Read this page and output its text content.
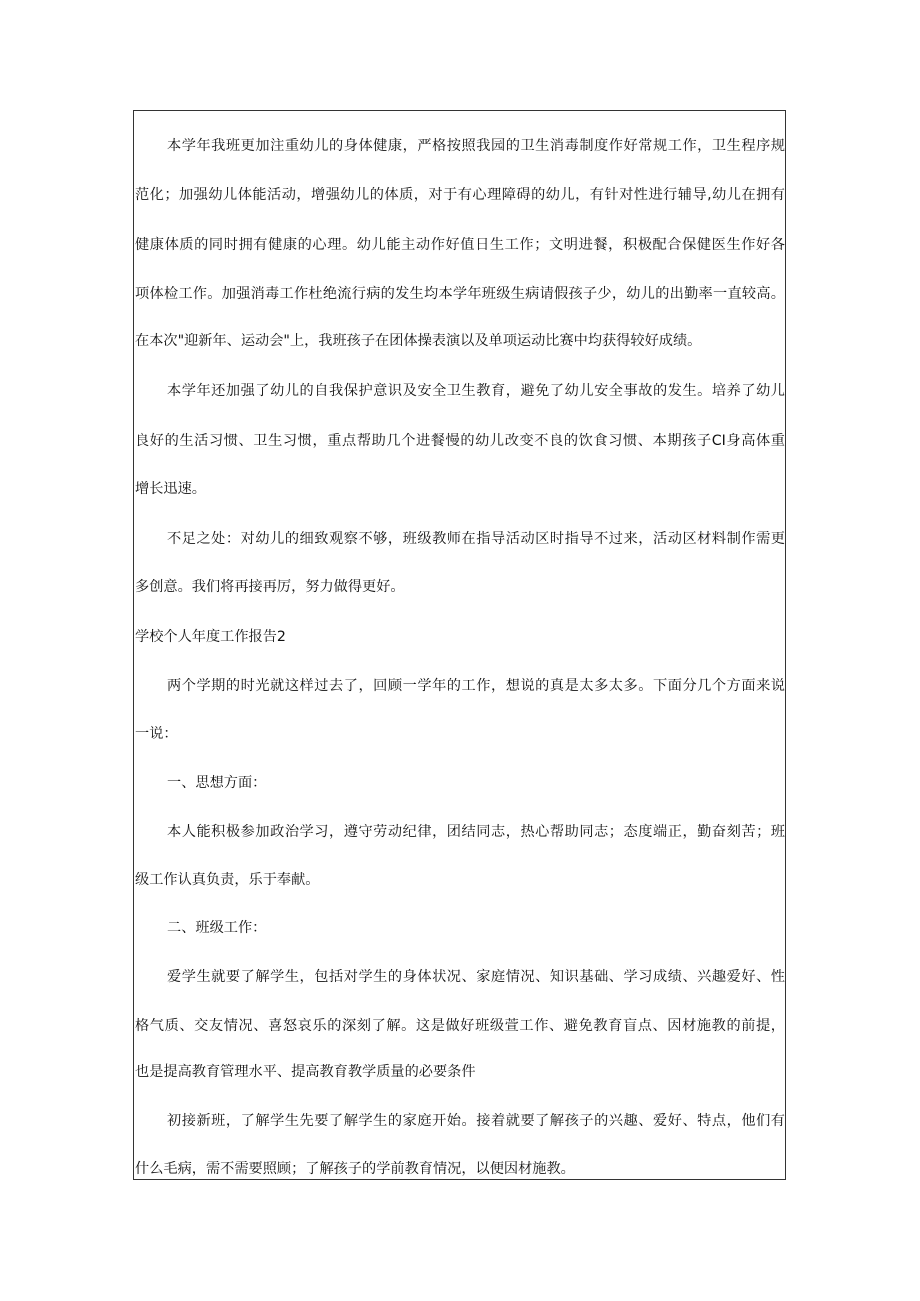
本学年我班更加注重幼儿的身体健康，严格按照我园的卫生消毒制度作好常规工作，卫生程序规
范化；加强幼儿体能活动，增强幼儿的体质，对于有心理障碍的幼儿，有针对性进行辅导,幼儿在拥有
健康体质的同时拥有健康的心理。幼儿能主动作好值日生工作；文明进餐，积极配合保健医生作好各
项体检工作。加强消毒工作杜绝流行病的发生均本学年班级生病请假孩子少，幼儿的出勤率一直较高。
在本次"迎新年、运动会"上，我班孩子在团体操表演以及单项运动比赛中均获得较好成绩。
本学年还加强了幼儿的自我保护意识及安全卫生教育，避免了幼儿安全事故的发生。培养了幼儿
良好的生活习惯、卫生习惯，重点帮助几个进餐慢的幼儿改变不良的饮食习惯、本期孩子CI身高体重
增长迅速。
不足之处：对幼儿的细致观察不够，班级教师在指导活动区时指导不过来，活动区材料制作需更
多创意。我们将再接再厉，努力做得更好。
学校个人年度工作报告2
两个学期的时光就这样过去了，回顾一学年的工作，想说的真是太多太多。下面分几个方面来说
一说：
一、思想方面：
本人能积极参加政治学习，遵守劳动纪律，团结同志，热心帮助同志；态度端正，勤奋刻苦；班
级工作认真负责，乐于奉献。
二、班级工作：
爱学生就要了解学生，包括对学生的身体状况、家庭情况、知识基础、学习成绩、兴趣爱好、性
格气质、交友情况、喜怒哀乐的深刻了解。这是做好班级萱工作、避免教育盲点、因材施教的前提，
也是提高教育管理水平、提高教育教学质量的必要条件
初接新班，了解学生先要了解学生的家庭开始。接着就要了解孩子的兴趣、爱好、特点，他们有
什么毛病，需不需要照顾；了解孩子的学前教育情况，以便因材施教。
